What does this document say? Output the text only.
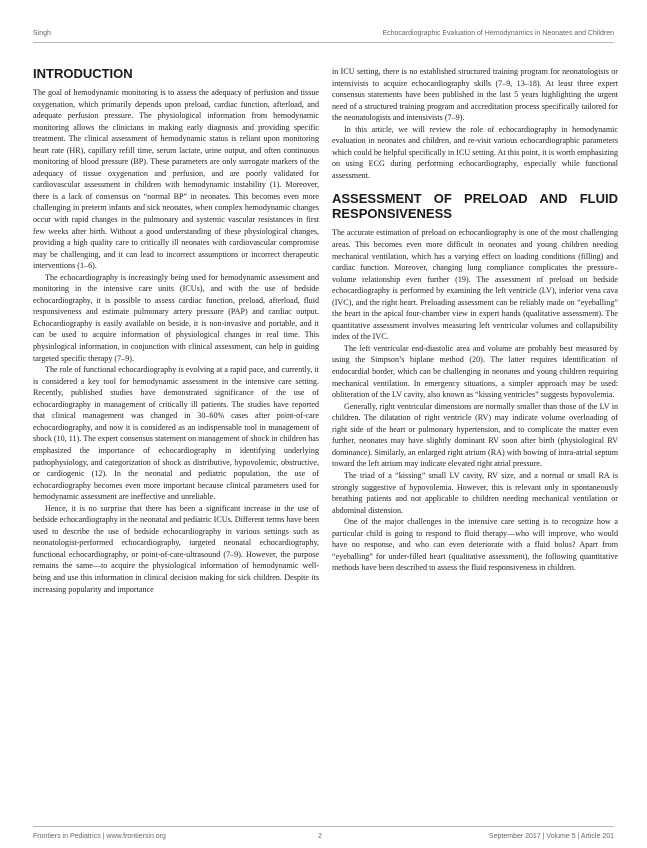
Singh	Echocardiographic Evaluation of Hemodynamics in Neonates and Children
INTRODUCTION

The goal of hemodynamic monitoring is to assess the adequacy of perfusion and tissue oxygenation, which primarily depends upon preload, cardiac function, afterload, and adequate perfusion pressure. The physiological information from hemodynamic monitoring allows the clinicians in making early diagnosis and providing specific treatment. The clinical assessment of hemodynamic status is reliant upon monitoring heart rate (HR), capillary refill time, serum lactate, urine output, and often continuous monitoring of blood pressure (BP). These parameters are only surrogate markers of the adequacy of tissue oxygenation and perfusion, and are poorly validated for cardiovascular assessment in children with hemodynamic instability (1). Moreover, there is a lack of consensus on “normal BP” in neonates. This becomes even more challenging in preterm infants and sick neonates, when complex hemodynamic changes occur with rapid changes in the pulmonary and systemic vascular resistances in first few weeks after birth. Without a good understanding of these physiological changes, providing a high quality care to critically ill neonates with cardiovascular compromise may be challenging, and it can lead to incorrect assumptions or incorrect therapeutic interventions (1–6).

The echocardiography is increasingly being used for hemodynamic assessment and monitoring in the intensive care units (ICUs), and with the use of bedside echocardiography, it is possible to assess cardiac function, preload, afterload, fluid responsiveness and estimate pulmonary artery pressure (PAP) and cardiac output. Echocardiography is easily available on beside, it is non-invasive and portable, and it can be used to acquire information of physiological changes in real time. This physiological information, in conjunction with clinical assessment, can help in guiding targeted specific therapy (7–9).

The role of functional echocardiography is evolving at a rapid pace, and currently, it is considered a key tool for hemodynamic assessment in the intensive care setting. Recently, published studies have demonstrated significance of the use of echocardiography in management of critically ill patients. The studies have reported that clinical management was changed in 30–60% cases after point-of-care echocardiography, and now it is considered as an indispensable tool in management of shock (10, 11). The expert consensus statement on management of shock in children has emphasized the importance of echocardiography in identifying underlying pathophysiology, and categorization of shock as distributive, hypovolemic, obstructive, or cardiogenic (12). In the neonatal and pediatric population, the use of echocardiography becomes even more important because clinical parameters used for hemodynamic assessment are ineffective and unreliable.

Hence, it is no surprise that there has been a significant increase in the use of bedside echocardiography in the neonatal and pediatric ICUs. Different terms have been used to describe the use of bedside echocardiography in various settings such as neonatologist-performed echocardiography, targeted neonatal echocardiography, functional echocardiography, or point-of-care-ultrasound (7–9). However, the purpose remains the same—to acquire the physiological information of hemodynamic well-being and use this information in clinical decision making for sick children. Despite its increasing popularity and importance

in ICU setting, there is no established structured training program for neonatologists or intensivists to acquire echocardiography skills (7–9, 13–18). At least three expert consensus statements have been published in the last 5 years highlighting the urgent need of a structured training program and accreditation process specifically tailored for the neonatologists and intensivists (7–9).

In this article, we will review the role of echocardiography in hemodynamic evaluation in neonates and children, and re-visit various echocardiographic parameters which could be helpful specifically in ICU setting. At this point, it is worth emphasizing on using ECG during performing echocardiography, especially while functional assessment.

ASSESSMENT OF PRELOAD AND FLUID RESPONSIVENESS

The accurate estimation of preload on echocardiography is one of the most challenging areas. This becomes even more difficult in neonates and young children needing mechanical ventilation, which has a varying effect on loading conditions (filling) and cardiac function. Moreover, changing lung compliance complicates the pressure–volume relationship even further (19). The assessment of preload on bedside echocardiography is performed by examining the left ventricle (LV), inferior vena cava (IVC), and the right heart. Preloading assessment can be reliably made on “eyeballing” the heart in the apical four-chamber view in expert hands (qualitative assessment). The quantitative assessment involves measuring left ventricular volumes and collapsibility index of the IVC.

The left ventricular end-diastolic area and volume are probably best measured by using the Simpson’s biplane method (20). The latter requires identification of endocardial border, which can be challenging in neonates and young children requiring mechanical ventilation. In emergency situations, a simpler approach may be used: obliteration of the LV cavity, also known as “kissing ventricles” suggests hypovolemia.

Generally, right ventricular dimensions are normally smaller than those of the LV in children. The dilatation of right ventricle (RV) may indicate volume overloading of right side of the heart or pulmonary hypertension, and to complicate the matter even further, neonates may have slightly dominant RV soon after birth (physiological RV dominance). Similarly, an enlarged right atrium (RA) with bowing of intra-atrial septum toward the left atrium may indicate elevated right atrial pressure.

The triad of a “kissing” small LV cavity, RV size, and a normal or small RA is strongly suggestive of hypovolemia. However, this is relevant only in spontaneously breathing patients and not applicable to children needing mechanical ventilation or abdominal distension.

One of the major challenges in the intensive care setting is to recognize how a particular child is going to respond to fluid therapy—who will improve, who would have no response, and who can even deteriorate with a fluid bolus? Apart from “eyeballing” for under-filled heart (qualitative assessment), the following quantitative methods have been described to assess the fluid responsiveness in children.

Frontiers in Pediatrics | www.frontiersin.org	2	September 2017 | Volume 5 | Article 201
